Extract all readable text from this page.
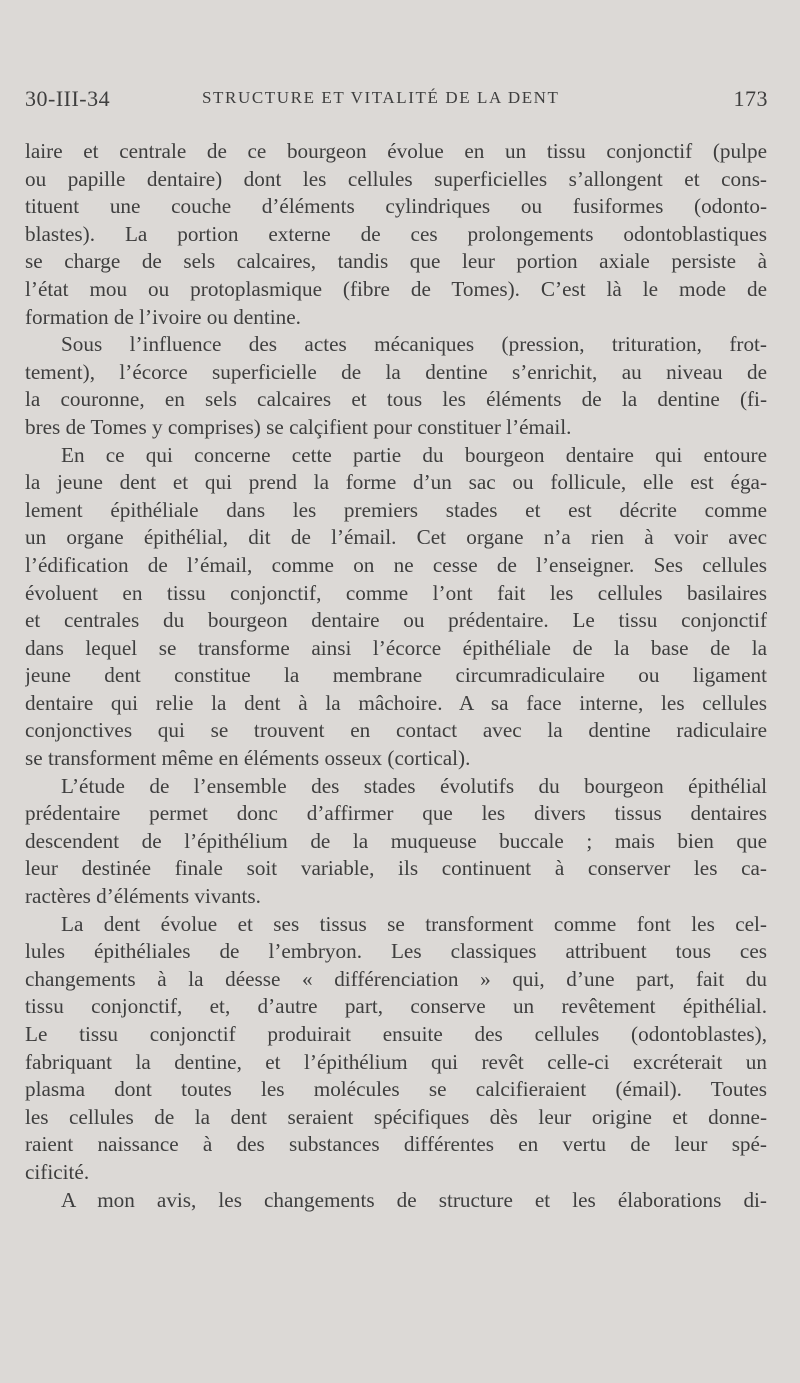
30-III-34	STRUCTURE ET VITALITÉ DE LA DENT	173
laire et centrale de ce bourgeon évolue en un tissu conjonctif (pulpe
ou papille dentaire) dont les cellules superficielles s’allongent et cons-
tituent une couche d’éléments cylindriques ou fusiformes (odonto-
blastes). La portion externe de ces prolongements odontoblastiques
se charge de sels calcaires, tandis que leur portion axiale persiste à
l’état mou ou protoplasmique (fibre de Tomes). C’est là le mode de
formation de l’ivoire ou dentine.
Sous l’influence des actes mécaniques (pression, trituration, frot-
tement), l’écorce superficielle de la dentine s’enrichit, au niveau de
la couronne, en sels calcaires et tous les éléments de la dentine (fi-
bres de Tomes y comprises) se calçifient pour constituer l’émail.
En ce qui concerne cette partie du bourgeon dentaire qui entoure
la jeune dent et qui prend la forme d’un sac ou follicule, elle est éga-
lement épithéliale dans les premiers stades et est décrite comme
un organe épithélial, dit de l’émail. Cet organe n’a rien à voir avec
l’édification de l’émail, comme on ne cesse de l’enseigner. Ses cellules
évoluent en tissu conjonctif, comme l’ont fait les cellules basilaires
et centrales du bourgeon dentaire ou prédentaire. Le tissu conjonctif
dans lequel se transforme ainsi l’écorce épithéliale de la base de la
jeune dent constitue la membrane circumradiculaire ou ligament
dentaire qui relie la dent à la mâchoire. A sa face interne, les cellules
conjonctives qui se trouvent en contact avec la dentine radiculaire
se transforment même en éléments osseux (cortical).
L’étude de l’ensemble des stades évolutifs du bourgeon épithélial
prédentaire permet donc d’affirmer que les divers tissus dentaires
descendent de l’épithélium de la muqueuse buccale ; mais bien que
leur destinée finale soit variable, ils continuent à conserver les ca-
ractères d’éléments vivants.
La dent évolue et ses tissus se transforment comme font les cel-
lules épithéliales de l’embryon. Les classiques attribuent tous ces
changements à la déesse « différenciation » qui, d’une part, fait du
tissu conjonctif, et, d’autre part, conserve un revêtement épithélial.
Le tissu conjonctif produirait ensuite des cellules (odontoblastes),
fabriquant la dentine, et l’épithélium qui revêt celle-ci excréterait un
plasma dont toutes les molécules se calcifieraient (émail). Toutes
les cellules de la dent seraient spécifiques dès leur origine et donne-
raient naissance à des substances différentes en vertu de leur spé-
cificité.
A mon avis, les changements de structure et les élaborations di-
